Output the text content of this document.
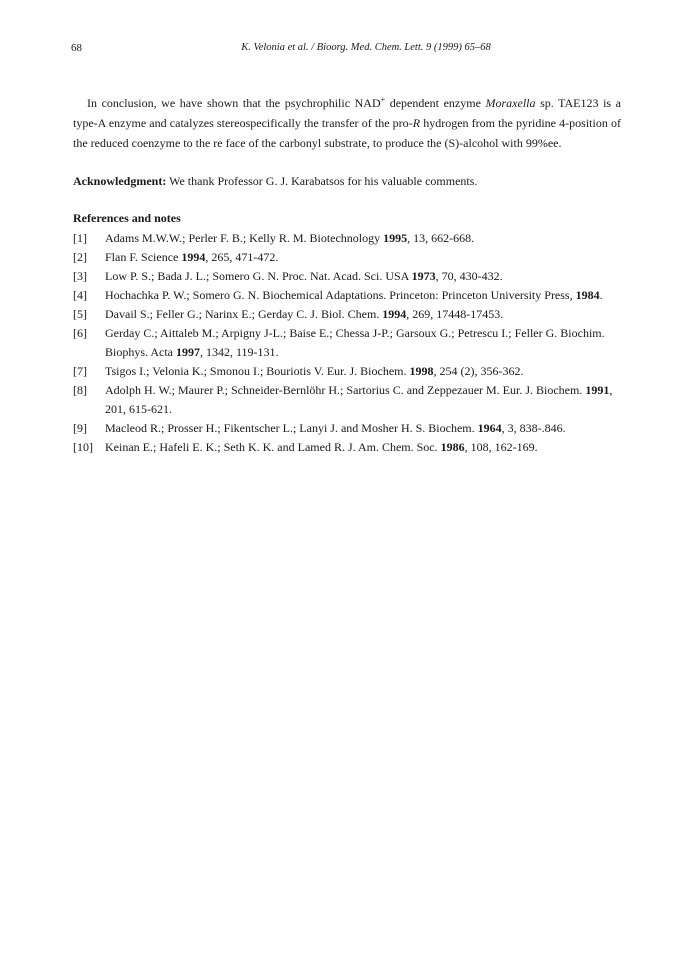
68	K. Velonia et al. / Bioorg. Med. Chem. Lett. 9 (1999) 65–68

In conclusion, we have shown that the psychrophilic NAD+ dependent enzyme Moraxella sp. TAE123 is a type-A enzyme and catalyzes stereospecifically the transfer of the pro-R hydrogen from the pyridine 4-position of the reduced coenzyme to the re face of the carbonyl substrate, to produce the (S)-alcohol with 99%ee.

Acknowledgment: We thank Professor G. J. Karabatsos for his valuable comments.

References and notes
[1]	Adams M.W.W.; Perler F. B.; Kelly R. M. Biotechnology 1995, 13, 662-668.
[2]	Flan F. Science 1994, 265, 471-472.
[3]	Low P. S.; Bada J. L.; Somero G. N. Proc. Nat. Acad. Sci. USA 1973, 70, 430-432.
[4]	Hochachka P. W.; Somero G. N. Biochemical Adaptations. Princeton: Princeton University Press, 1984.
[5]	Davail S.; Feller G.; Narinx E.; Gerday C. J. Biol. Chem. 1994, 269, 17448-17453.
[6]	Gerday C.; Aittaleb M.; Arpigny J-L.; Baise E.; Chessa J-P.; Garsoux G.; Petrescu I.; Feller G. Biochim. Biophys. Acta 1997, 1342, 119-131.
[7]	Tsigos I.; Velonia K.; Smonou I.; Bouriotis V. Eur. J. Biochem. 1998, 254 (2), 356-362.
[8]	Adolph H. W.; Maurer P.; Schneider-Bernlöhr H.; Sartorius C. and Zeppezauer M. Eur. J. Biochem. 1991, 201, 615-621.
[9]	Macleod R.; Prosser H.; Fikentscher L.; Lanyi J. and Mosher H. S. Biochem. 1964, 3, 838-.846.
[10]	Keinan E.; Hafeli E. K.; Seth K. K. and Lamed R. J. Am. Chem. Soc. 1986, 108, 162-169.
